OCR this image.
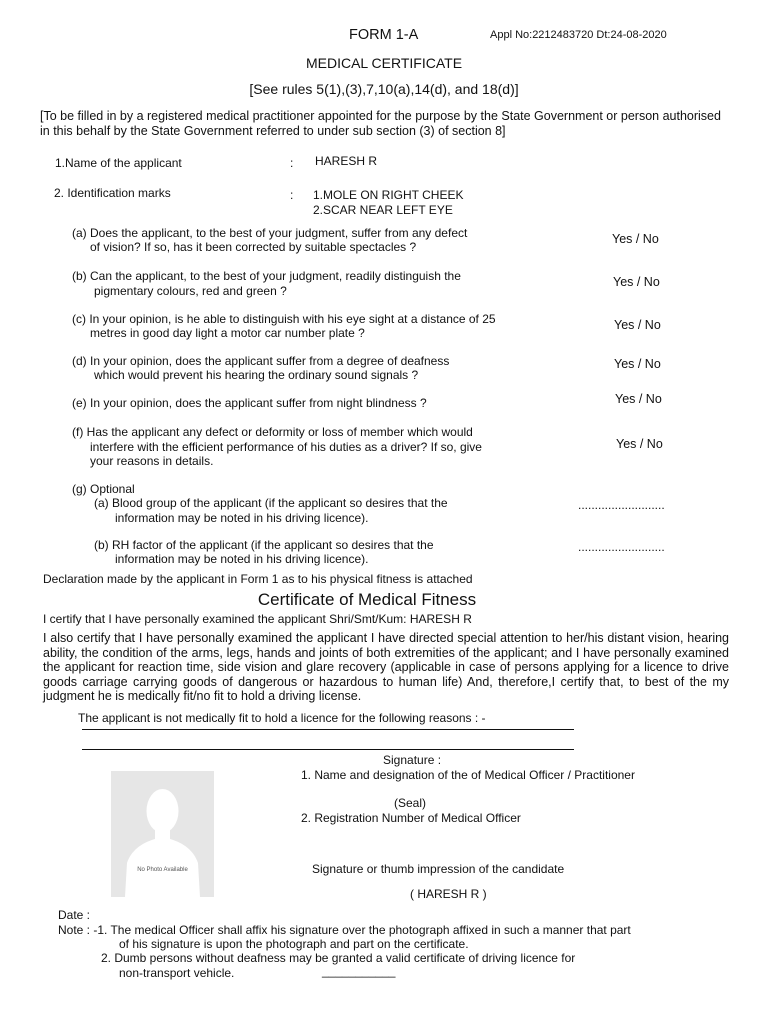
FORM 1-A	Appl No:2212483720 Dt:24-08-2020
MEDICAL CERTIFICATE
[See rules 5(1),(3),7,10(a),14(d), and 18(d)]
[To be filled in by a registered medical practitioner appointed for the purpose by the State Government or person authorised in this behalf by the State Government referred to under sub section (3) of section 8]
1.Name of the applicant	: HARESH R
2. Identification marks	: 1.MOLE ON RIGHT CHEEK
2.SCAR NEAR LEFT EYE
(a) Does the applicant, to the best of your judgment, suffer from any defect
of vision? If so, has it been corrected by suitable spectacles ?
Yes / No
(b) Can the applicant, to the best of your judgment, readily distinguish the
pigmentary colours, red and green ?
Yes / No
(c) In your opinion, is he able to distinguish with his eye sight at a distance of 25
metres in good day light a motor car number plate ?
Yes / No
(d) In your opinion, does the applicant suffer from a degree of deafness
which would prevent his hearing the ordinary sound signals ?
Yes / No
(e) In your opinion, does the applicant suffer from night blindness ?	Yes / No
(f) Has the applicant any defect or deformity or loss of member which would
interfere with the efficient performance of his duties as a driver? If so, give
your reasons in details.
Yes / No
(g) Optional
(a) Blood group of the applicant (if the applicant so desires that the
information may be noted in his driving licence).
..........................
(b) RH factor of the applicant (if the applicant so desires that the
information may be noted in his driving licence).
..........................
Declaration made by the applicant in Form 1 as to his physical fitness is attached
Certificate of Medical Fitness
I certify that I have personally examined the applicant Shri/Smt/Kum: HARESH R
I also certify that I have personally examined the applicant I have directed special attention to her/his distant vision, hearing ability, the condition of the arms, legs, hands and joints of both extremities of the applicant; and I have personally examined the applicant for reaction time, side vision and glare recovery (applicable in case of persons applying for a licence to drive goods carriage carrying goods of dangerous or hazardous to human life) And, therefore,I certify that, to best of the my judgment he is medically fit/no fit to hold a driving license.
The applicant is not medically fit to hold a licence for the following reasons : -
Signature :
1. Name and designation of the of Medical Officer / Practitioner
(Seal)
2. Registration Number of Medical Officer
No Photo Available	Signature or thumb impression of the candidate
( HARESH R )
Date :
Note : -1. The medical Officer shall affix his signature over the photograph affixed in such a manner that part
of his signature is upon the photograph and part on the certificate.
2. Dumb persons without deafness may be granted a valid certificate of driving licence for
non-transport vehicle.	___________
